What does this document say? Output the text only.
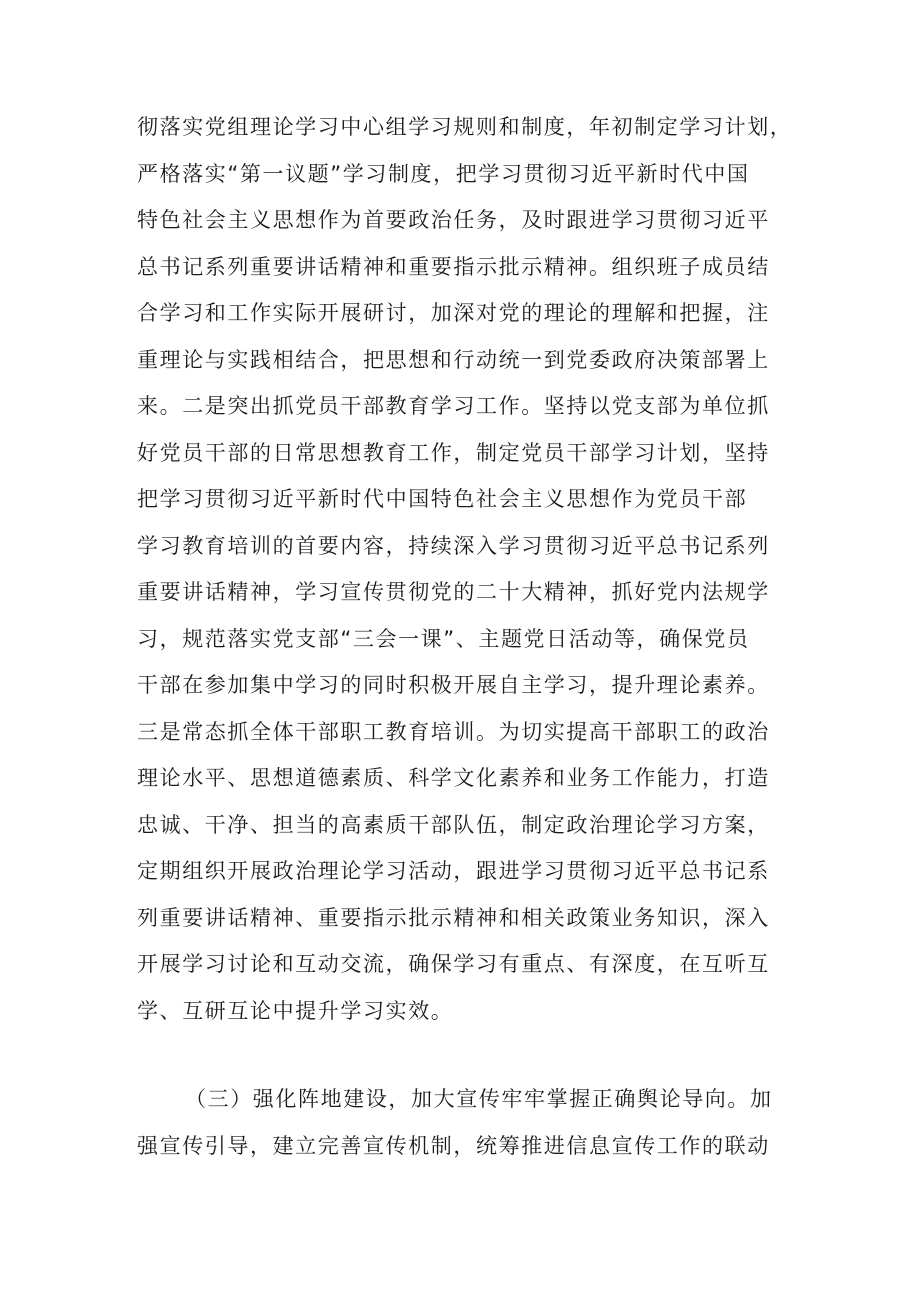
彻落实党组理论学习中心组学习规则和制度，年初制定学习计划，
严格落实“第一议题”学习制度，把学习贯彻习近平新时代中国
特色社会主义思想作为首要政治任务，及时跟进学习贯彻习近平
总书记系列重要讲话精神和重要指示批示精神。组织班子成员结
合学习和工作实际开展研讨，加深对党的理论的理解和把握，注
重理论与实践相结合，把思想和行动统一到党委政府决策部署上
来。二是突出抓党员干部教育学习工作。坚持以党支部为单位抓
好党员干部的日常思想教育工作，制定党员干部学习计划，坚持
把学习贯彻习近平新时代中国特色社会主义思想作为党员干部
学习教育培训的首要内容，持续深入学习贯彻习近平总书记系列
重要讲话精神，学习宣传贯彻党的二十大精神，抓好党内法规学
习，规范落实党支部“三会一课”、主题党日活动等，确保党员
干部在参加集中学习的同时积极开展自主学习，提升理论素养。
三是常态抓全体干部职工教育培训。为切实提高干部职工的政治
理论水平、思想道德素质、科学文化素养和业务工作能力，打造
忠诚、干净、担当的高素质干部队伍，制定政治理论学习方案，
定期组织开展政治理论学习活动，跟进学习贯彻习近平总书记系
列重要讲话精神、重要指示批示精神和相关政策业务知识，深入
开展学习讨论和互动交流，确保学习有重点、有深度，在互听互
学、互研互论中提升学习实效。
（三）强化阵地建设，加大宣传牢牢掌握正确舆论导向。加
强宣传引导，建立完善宣传机制，统筹推进信息宣传工作的联动
